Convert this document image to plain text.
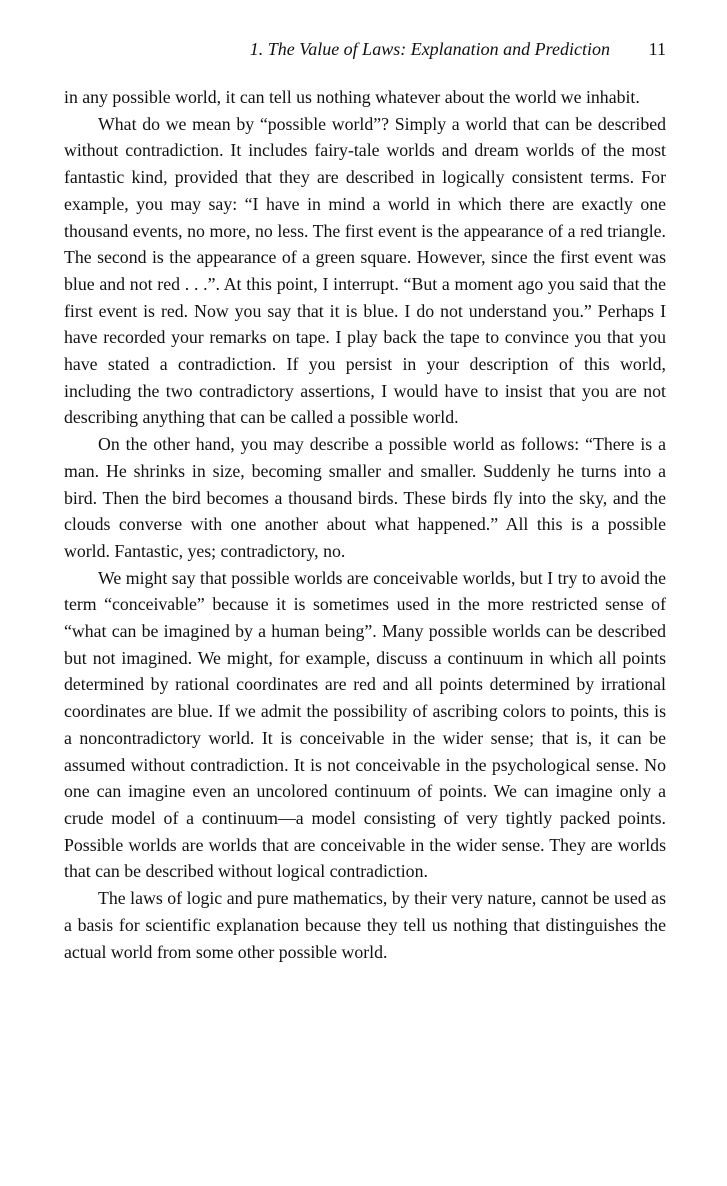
1. The Value of Laws: Explanation and Prediction	11

in any possible world, it can tell us nothing whatever about the world we inhabit.

What do we mean by “possible world”? Simply a world that can be described without contradiction. It includes fairy-tale worlds and dream worlds of the most fantastic kind, provided that they are described in logically consistent terms. For example, you may say: “I have in mind a world in which there are exactly one thousand events, no more, no less. The first event is the appearance of a red triangle. The second is the appearance of a green square. However, since the first event was blue and not red . . .”. At this point, I interrupt. “But a moment ago you said that the first event is red. Now you say that it is blue. I do not understand you.” Perhaps I have recorded your remarks on tape. I play back the tape to convince you that you have stated a contradiction. If you persist in your description of this world, including the two contradictory assertions, I would have to insist that you are not describing anything that can be called a possible world.

On the other hand, you may describe a possible world as follows: “There is a man. He shrinks in size, becoming smaller and smaller. Suddenly he turns into a bird. Then the bird becomes a thousand birds. These birds fly into the sky, and the clouds converse with one another about what happened.” All this is a possible world. Fantastic, yes; contradictory, no.

We might say that possible worlds are conceivable worlds, but I try to avoid the term “conceivable” because it is sometimes used in the more restricted sense of “what can be imagined by a human being”. Many possible worlds can be described but not imagined. We might, for example, discuss a continuum in which all points determined by rational coordinates are red and all points determined by irrational coordinates are blue. If we admit the possibility of ascribing colors to points, this is a noncontradictory world. It is conceivable in the wider sense; that is, it can be assumed without contradiction. It is not conceivable in the psychological sense. No one can imagine even an uncolored continuum of points. We can imagine only a crude model of a continuum—a model consisting of very tightly packed points. Possible worlds are worlds that are conceivable in the wider sense. They are worlds that can be described without logical contradiction.

The laws of logic and pure mathematics, by their very nature, cannot be used as a basis for scientific explanation because they tell us nothing that distinguishes the actual world from some other possible world.
